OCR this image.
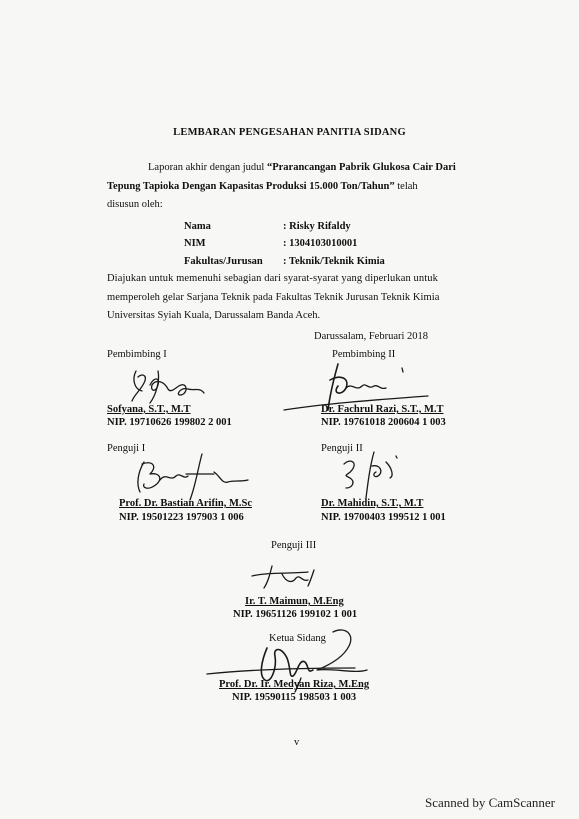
LEMBARAN PENGESAHAN PANITIA SIDANG
Laporan akhir dengan judul “Prarancangan Pabrik Glukosa Cair Dari
Tepung Tapioka Dengan Kapasitas Produksi 15.000 Ton/Tahun” telah
disusun oleh:
Nama	: Risky Rifaldy
NIM	: 1304103010001
Fakultas/Jurusan : Teknik/Teknik Kimia
Diajukan untuk memenuhi sebagian dari syarat-syarat yang diperlukan untuk
memperoleh gelar Sarjana Teknik pada Fakultas Teknik Jurusan Teknik Kimia
Universitas Syiah Kuala, Darussalam Banda Aceh.
Darussalam, Februari 2018
Pembimbing I
Sofyana, S.T., M.T
NIP. 19710626 199802 2 001
Pembimbing II
Dr. Fachrul Razi, S.T., M.T
NIP. 19761018 200604 1 003
Penguji I
Prof. Dr. Bastian Arifin, M.Sc
NIP. 19501223 197903 1 006
Penguji II
Dr. Mahidin, S.T., M.T
NIP. 19700403 199512 1 001
Penguji III
Ir. T. Maimun, M.Eng
NIP. 19651126 199102 1 001
Ketua Sidang
Prof. Dr. Ir. Medyan Riza, M.Eng
NIP. 19590115 198503 1 003
v
Scanned by CamScanner
